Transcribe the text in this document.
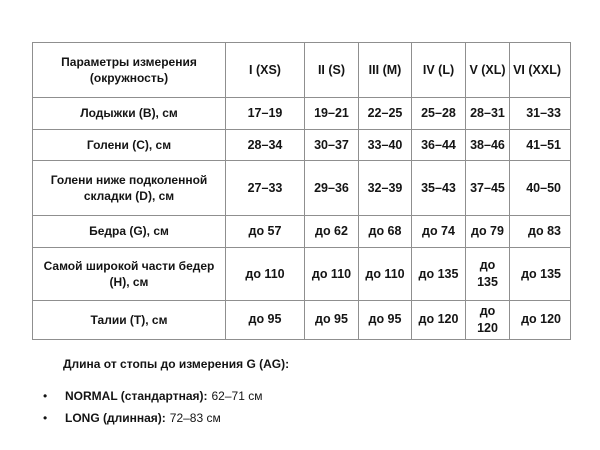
Параметры измерения (окружность)	I (XS)	II (S)	III (M)	IV (L)	V (XL)	VI (XXL)
Лодыжки (B), см	17–19	19–21	22–25	25–28	28–31	31–33
Голени (C), см	28–34	30–37	33–40	36–44	38–46	41–51
Голени ниже подколенной складки (D), см	27–33	29–36	32–39	35–43	37–45	40–50
Бедра (G), см	до 57	до 62	до 68	до 74	до 79	до 83
Самой широкой части бедер (H), см	до 110	до 110	до 110	до 135	до 135	до 135
Талии (T), см	до 95	до 95	до 95	до 120	до 120	до 120
Длина от стопы до измерения G (AG):
•	NORMAL (стандартная): 62–71 см
•	LONG (длинная): 72–83 см
